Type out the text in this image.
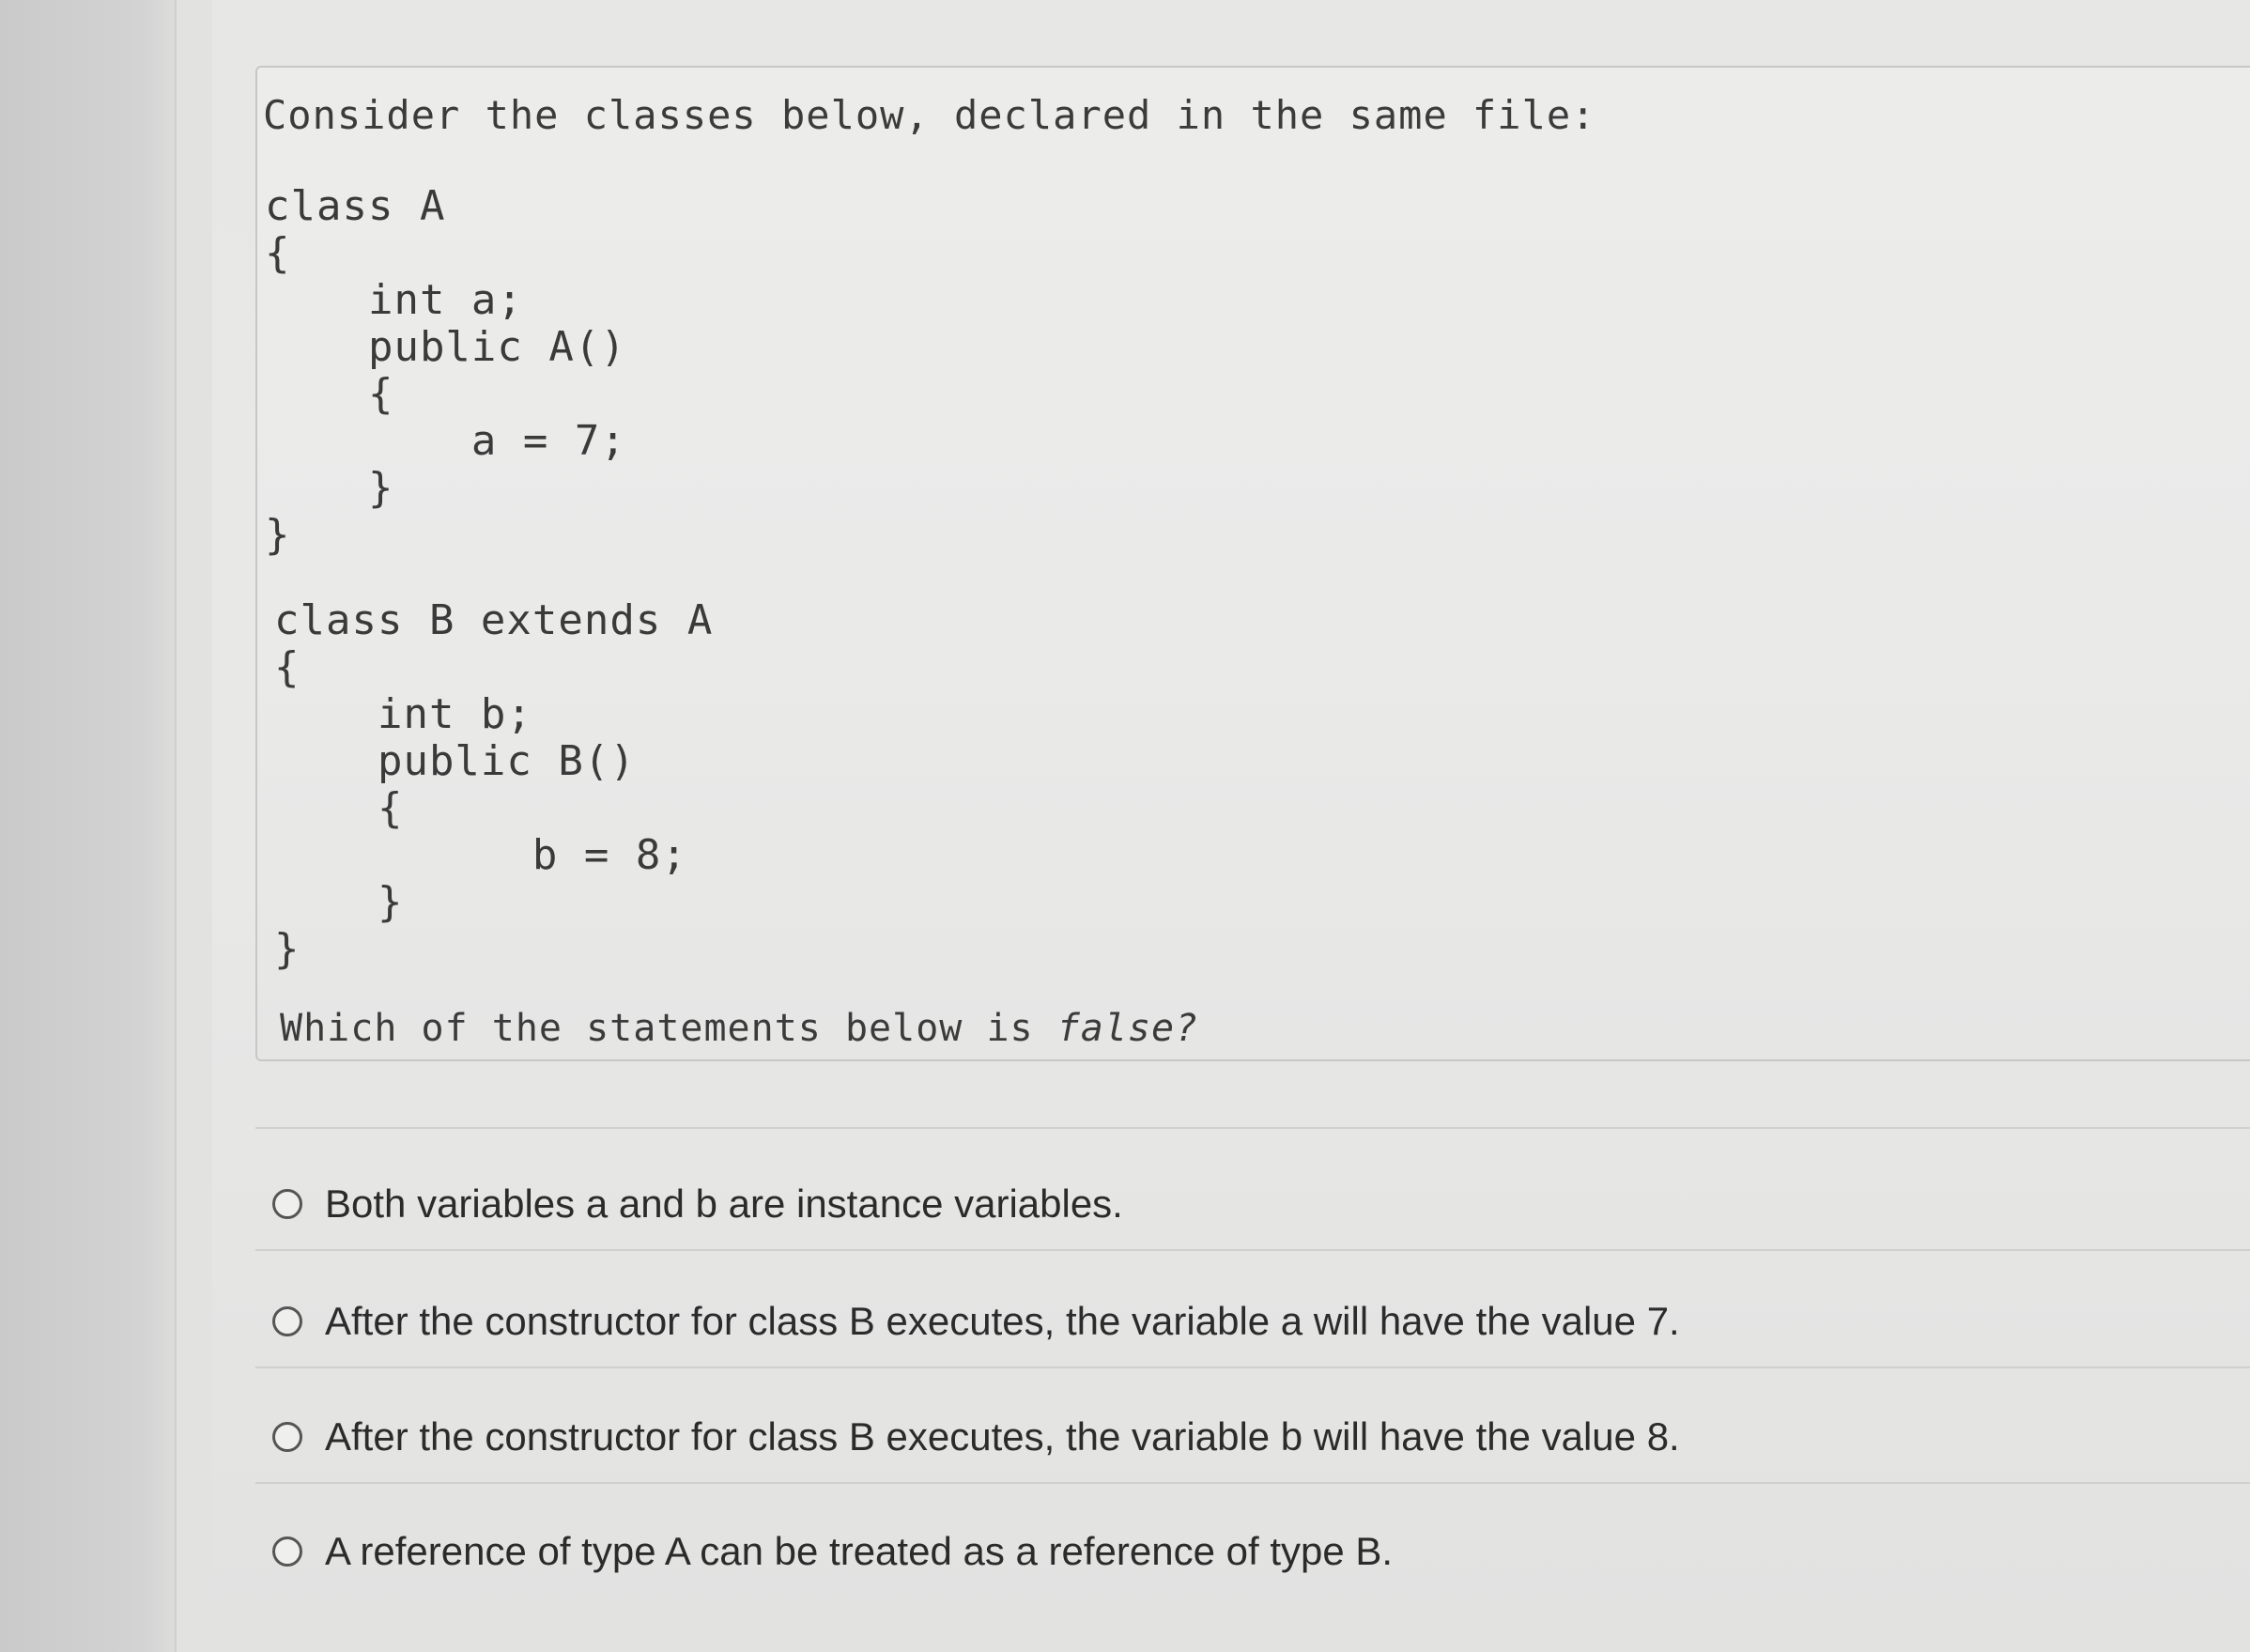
Consider the classes below, declared in the same file:

class A
{
int a;
public A()
{
a = 7;
}
}
class B extends A
{
int b;
public B()
{
b = 8;
}
}

Which of the statements below is false?

Both variables a and b are instance variables.
After the constructor for class B executes, the variable a will have the value 7.
After the constructor for class B executes, the variable b will have the value 8.
A reference of type A can be treated as a reference of type B.
